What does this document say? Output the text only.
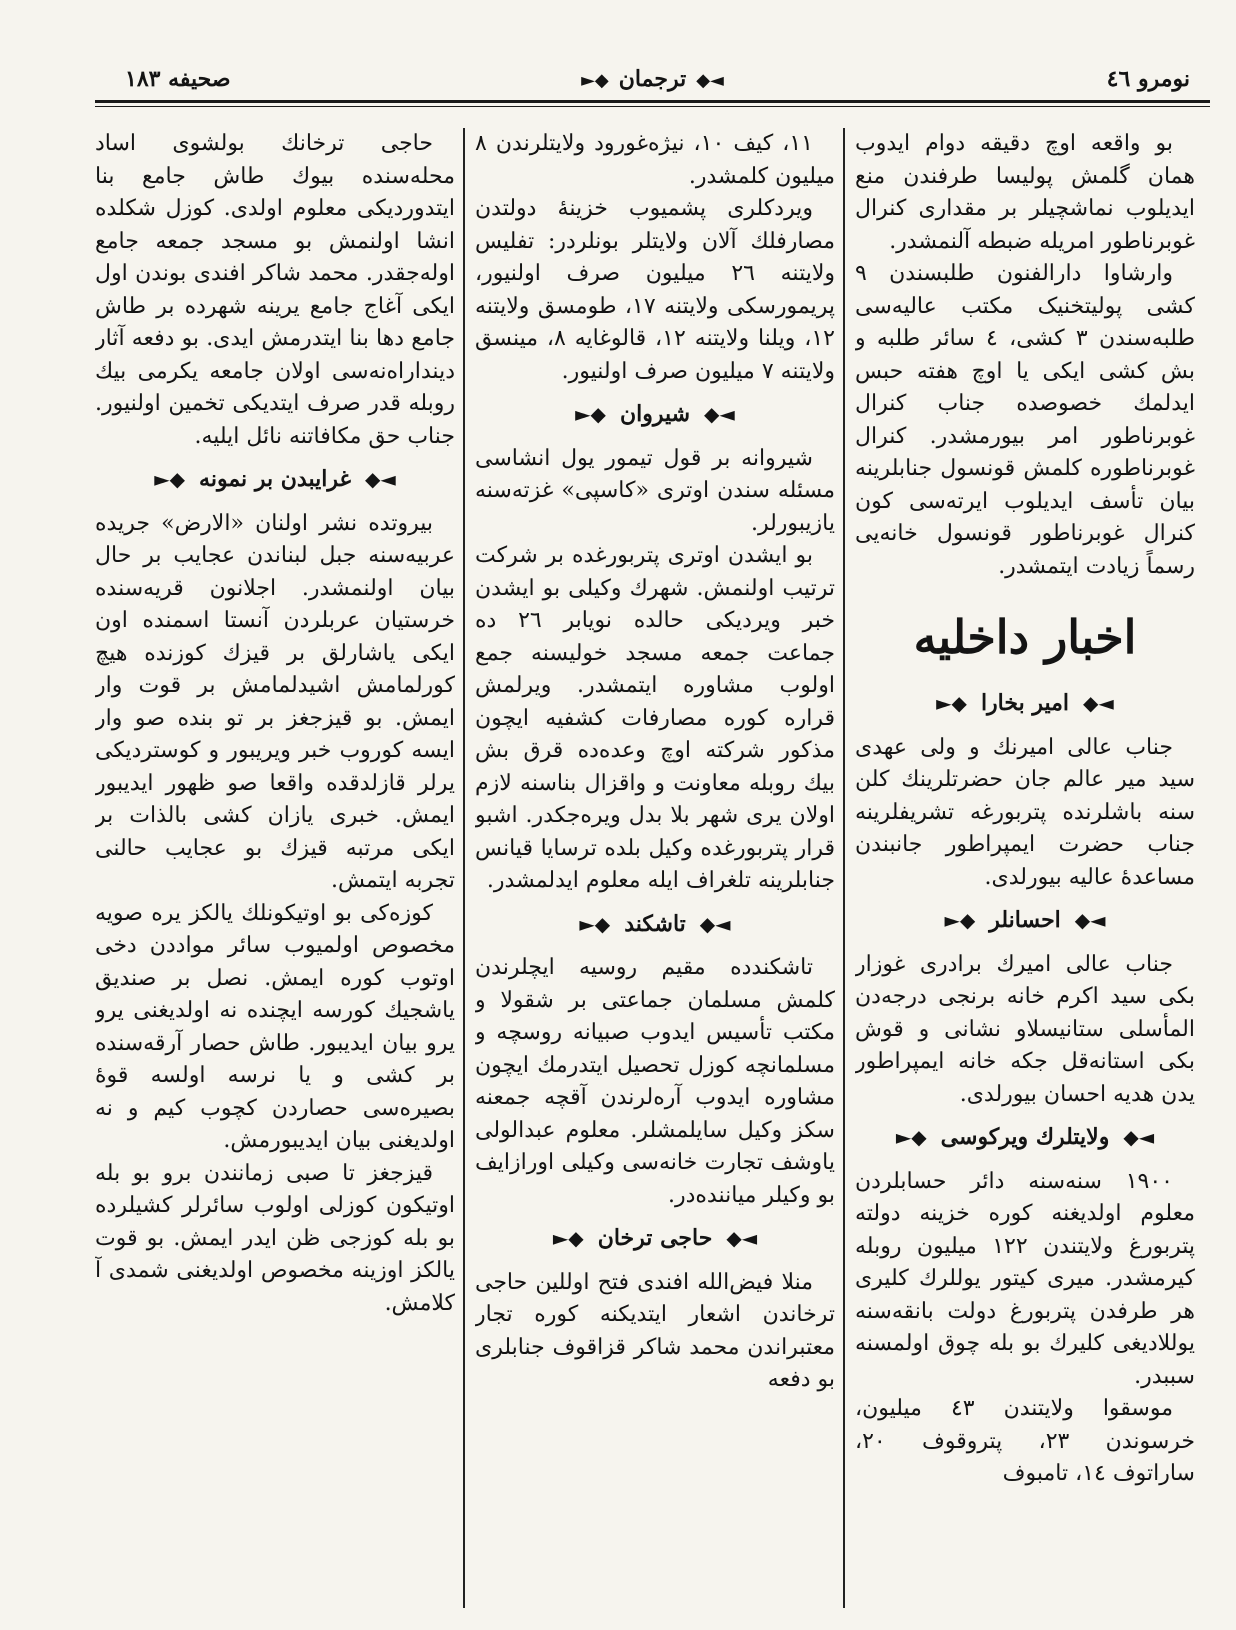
صحیفه ۱۸۳	◄◆ترجمان◆►	نومرو ٤٦

بو واقعه اوچ دقیقه دوام ایدوب همان گلمش پولیسا طرفندن منع ایدیلوب نماشچیلر بر مقداری کنرال غوبرناطور امریله ضبطه آلنمشدر.

وارشاوا دارالفنون طلبسندن ۹ کشی پولیتخنیک مکتب عالیه‌سی طلبه‌سندن ۳ کشی، ٤ سائر طلبه و بش کشی ایکی یا اوچ هفته حبس ایدلمك خصوصده جناب کنرال غوبرناطور امر بیورمشدر. کنرال غوبرناطوره کلمش قونسول جنابلرینه بیان تأسف ایدیلوب ایرته‌سی کون کنرال غوبرناطور قونسول خانه‌یی رسماً زیادت ایتمشدر.

اخبار داخلیه
◄◆امیر بخارا◆►

جناب عالی امیرنك و ولی عهدی سید میر عالم جان حضرتلرینك کلن سنه باشلرنده پتربورغه تشریفلرینه جناب حضرت ایمپراطور جانبندن مساعدهٔ عالیه بیورلدی.

◄◆احسانلر◆►

جناب عالی امیرك برادری غوزار بکی سید اکرم خانه برنجی درجه‌دن المأسلی ستانیسلاو نشانی و قوش بکی استانه‌قل جکه خانه ایمپراطور یدن هدیه احسان بیورلدی.

◄◆ولایتلرك ویرکوسی◆►

۱۹۰۰ سنه‌سنه دائر حسابلردن معلوم اولدیغنه کوره خزینه دولته پتربورغ ولایتندن ۱۲۲ میلیون روبله کیرمشدر. میری کیتور یوللرك کلیری هر طرفدن پتربورغ دولت بانقه‌سنه یوللادیغی کلیرك بو بله چوق اولمسنه سببدر.

موسقوا ولایتندن ٤۳ میلیون، خرسوندن ۲۳، پتروقوف ۲۰، ساراتوف ١٤، تامبوف

۱۱، کیف ۱۰، نیژه‌غورود ولایتلرندن ۸ میلیون کلمشدر.

ویردکلری پشمیوب خزینهٔ دولتدن مصارفلك آلان ولایتلر بونلردر: تفلیس ولایتنه ۲٦ میلیون صرف اولنیور، پریمورسکی ولایتنه ۱۷، طومسق ولایتنه ۱۲، ویلنا ولایتنه ۱۲، قالوغایه ۸، مینسق ولایتنه ۷ میلیون صرف اولنیور.

◄◆شیروان◆►

شیروانه بر قول تیمور یول انشاسی مسئله سندن اوتری «کاسپی» غزته‌سنه یازیبورلر.

بو ایشدن اوتری پتربورغده بر شرکت ترتیب اولنمش. شهرك وکیلی بو ایشدن خبر ویردیکی حالده نویابر ۲٦ ده جماعت جمعه مسجد خولیسنه جمع اولوب مشاوره ایتمشدر. ویرلمش قراره کوره مصارفات کشفیه ایچون مذکور شرکته اوچ وعده‌ده قرق بش بیك روبله معاونت و واقزال بناسنه لازم اولان یری شهر بلا بدل ویره‌جکدر. اشبو قرار پتربورغده وکیل بلده ترسایا قیانس جنابلرینه تلغراف ایله معلوم ایدلمشدر.

◄◆تاشکند◆►

تاشکندده مقیم روسیه ایچلرندن کلمش مسلمان جماعتی بر شقولا و مکتب تأسیس ایدوب صبیانه روسچه و مسلمانچه کوزل تحصیل ایتدرمك ایچون مشاوره ایدوب آره‌لرندن آقچه جمعنه سکز وکیل سایلمشلر. معلوم عبدالولی یاوشف تجارت خانه‌سی وکیلی اورازایف بو وکیلر میاننده‌در.

◄◆حاجی ترخان◆►

منلا فیض‌الله افندی فتح اوللین حاجی ترخاندن اشعار ایتدیکنه کوره تجار معتبراندن محمد شاکر قزاقوف جنابلری بو دفعه

حاجی ترخانك بولشوی اساد محله‌سنده بیوك طاش جامع بنا ایتدوردیکی معلوم اولدی. کوزل شکلده انشا اولنمش بو مسجد جمعه جامع اوله‌جقدر. محمد شاکر افندی بوندن اول ایکی آغاج جامع یرینه شهرده بر طاش جامع دها بنا ایتدرمش ایدی. بو دفعه آثار دینداراه‌نه‌سی اولان جامعه یکرمی بیك روبله قدر صرف ایتدیکی تخمین اولنیور. جناب حق مکافاتنه نائل ایلیه.

◄◆غرایبدن بر نمونه◆►

بیروتده نشر اولنان «الارض» جریده عربیه‌سنه جبل لبناندن عجایب بر حال بیان اولنمشدر. اجلانون قریه‌سنده خرستیان عربلردن آنستا اسمنده اون ایکی یاشارلق بر قیزك کوزنده هیچ کورلمامش اشیدلمامش بر قوت وار ایمش. بو قیزجغز بر تو بنده صو وار ایسه کوروب خبر ویریبور و کوستردیکی یرلر قازلدقده واقعا صو ظهور ایدیبور ایمش. خبری یازان کشی بالذات بر ایکی مرتبه قیزك بو عجایب حالنی تجربه ایتمش.

کوزه‌کی بو اوتیکونلك یالکز یره صویه مخصوص اولمیوب سائر مواددن دخی اوتوب کوره ایمش. نصل بر صندیق یاشجیك کورسه ایچنده نه اولدیغنی یرو یرو بیان ایدیبور. طاش حصار آرقه‌سنده بر کشی و یا نرسه اولسه قوهٔ بصیره‌سی حصاردن کچوب کیم و نه اولدیغنی بیان ایدیبورمش.

قیزجغز تا صبی زمانندن برو بو بله اوتیکون کوزلی اولوب سائرلر کشیلرده بو بله کوزجی ظن ایدر ایمش. بو قوت یالکز اوزینه مخصوص اولدیغنی شمدی آ کلامش.
